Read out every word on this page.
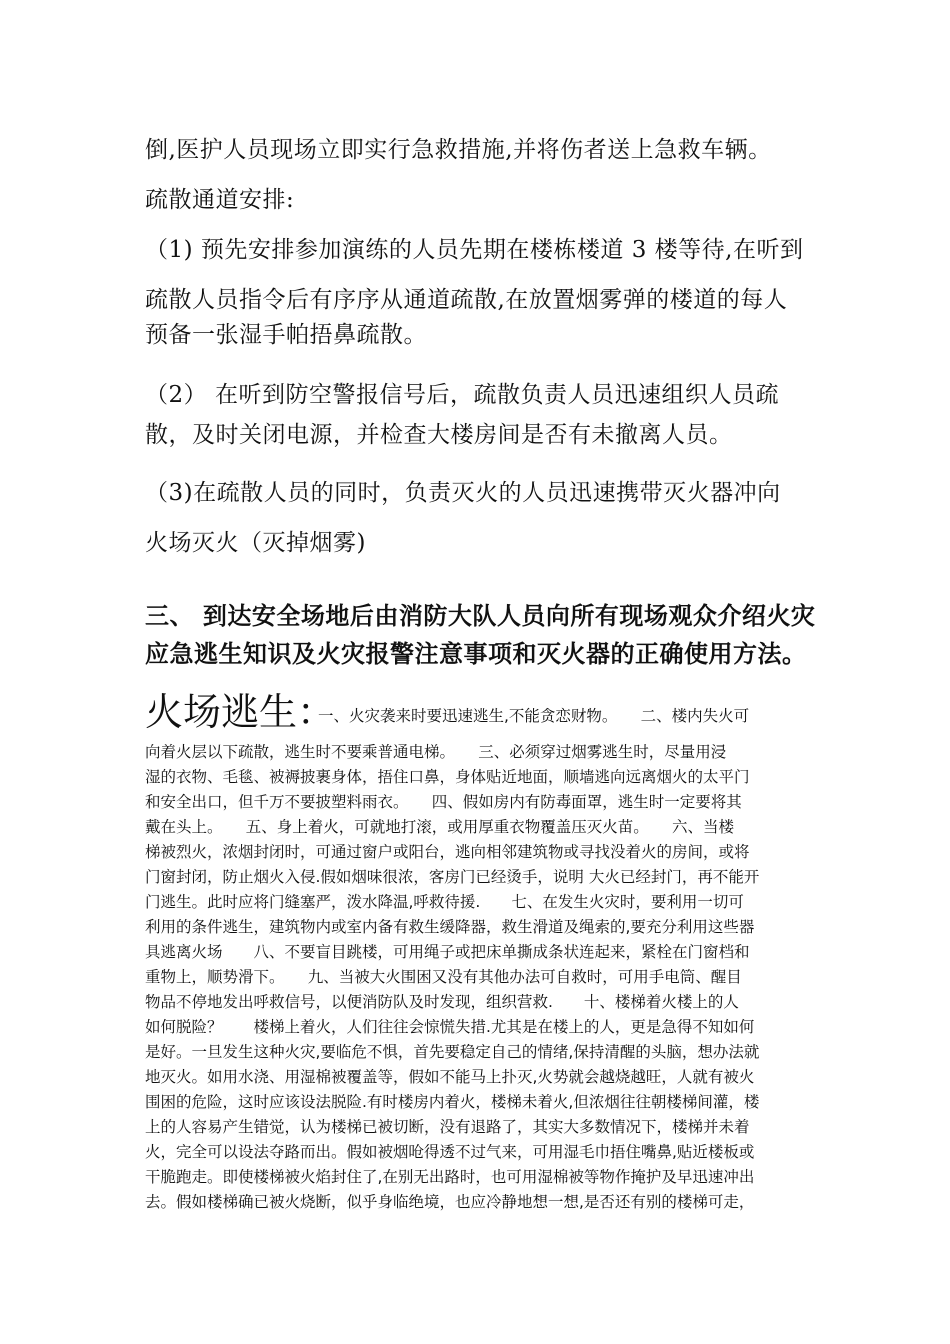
倒,医护人员现场立即实行急救措施,并将伤者送上急救车辆。
疏散通道安排:
（1) 预先安排参加演练的人员先期在楼栋楼道 3 楼等待,在听到
疏散人员指令后有序序从通道疏散,在放置烟雾弹的楼道的每人
预备一张湿手帕捂鼻疏散。
（2） 在听到防空警报信号后，疏散负责人员迅速组织人员疏
散，及时关闭电源，并检查大楼房间是否有未撤离人员。
（3)在疏散人员的同时，负责灭火的人员迅速携带灭火器冲向
火场灭火（灭掉烟雾)
三、 到达安全场地后由消防大队人员向所有现场观众介绍火灾
应急逃生知识及火灾报警注意事项和灭火器的正确使用方法。
火场逃生：
一、火灾袭来时要迅速逃生,不能贪恋财物。　　二、楼内失火可
向着火层以下疏散，逃生时不要乘普通电梯。　　三、必须穿过烟雾逃生时，尽量用浸
湿的衣物、毛毯、被褥披裹身体，捂住口鼻，身体贴近地面，顺墙逃向远离烟火的太平门
和安全出口，但千万不要披塑料雨衣。　　四、假如房内有防毒面罩，逃生时一定要将其
戴在头上。　　五、身上着火，可就地打滚，或用厚重衣物覆盖压灭火苗。　　六、当楼
梯被烈火，浓烟封闭时，可通过窗户或阳台，逃向相邻建筑物或寻找没着火的房间，或将
门窗封闭，防止烟火入侵.假如烟味很浓，客房门已经烫手，说明 大火已经封门，再不能开
门逃生。此时应将门缝塞严，泼水降温,呼救待援.　　七、在发生火灾时，要利用一切可
利用的条件逃生，建筑物内或室内备有救生缓降器，救生滑道及绳索的,要充分利用这些器
具逃离火场　　八、不要盲目跳楼，可用绳子或把床单撕成条状连起来，紧栓在门窗档和
重物上，顺势滑下。　　九、当被大火围困又没有其他办法可自救时，可用手电筒、醒目
物品不停地发出呼救信号，以便消防队及时发现，组织营救.　　十、楼梯着火楼上的人
如何脱险？　　楼梯上着火，人们往往会惊慌失措.尤其是在楼上的人，更是急得不知如何
是好。一旦发生这种火灾,要临危不惧，首先要稳定自己的情绪,保持清醒的头脑，想办法就
地灭火。如用水浇、用湿棉被覆盖等，假如不能马上扑灭,火势就会越烧越旺，人就有被火
围困的危险，这时应该设法脱险.有时楼房内着火，楼梯未着火,但浓烟往往朝楼梯间灌，楼
上的人容易产生错觉，认为楼梯已被切断，没有退路了，其实大多数情况下，楼梯并未着
火，完全可以设法夺路而出。假如被烟呛得透不过气来，可用湿毛巾捂住嘴鼻,贴近楼板或
干脆跑走。即使楼梯被火焰封住了,在别无出路时，也可用湿棉被等物作掩护及早迅速冲出
去。假如楼梯确已被火烧断，似乎身临绝境，也应冷静地想一想,是否还有别的楼梯可走，
